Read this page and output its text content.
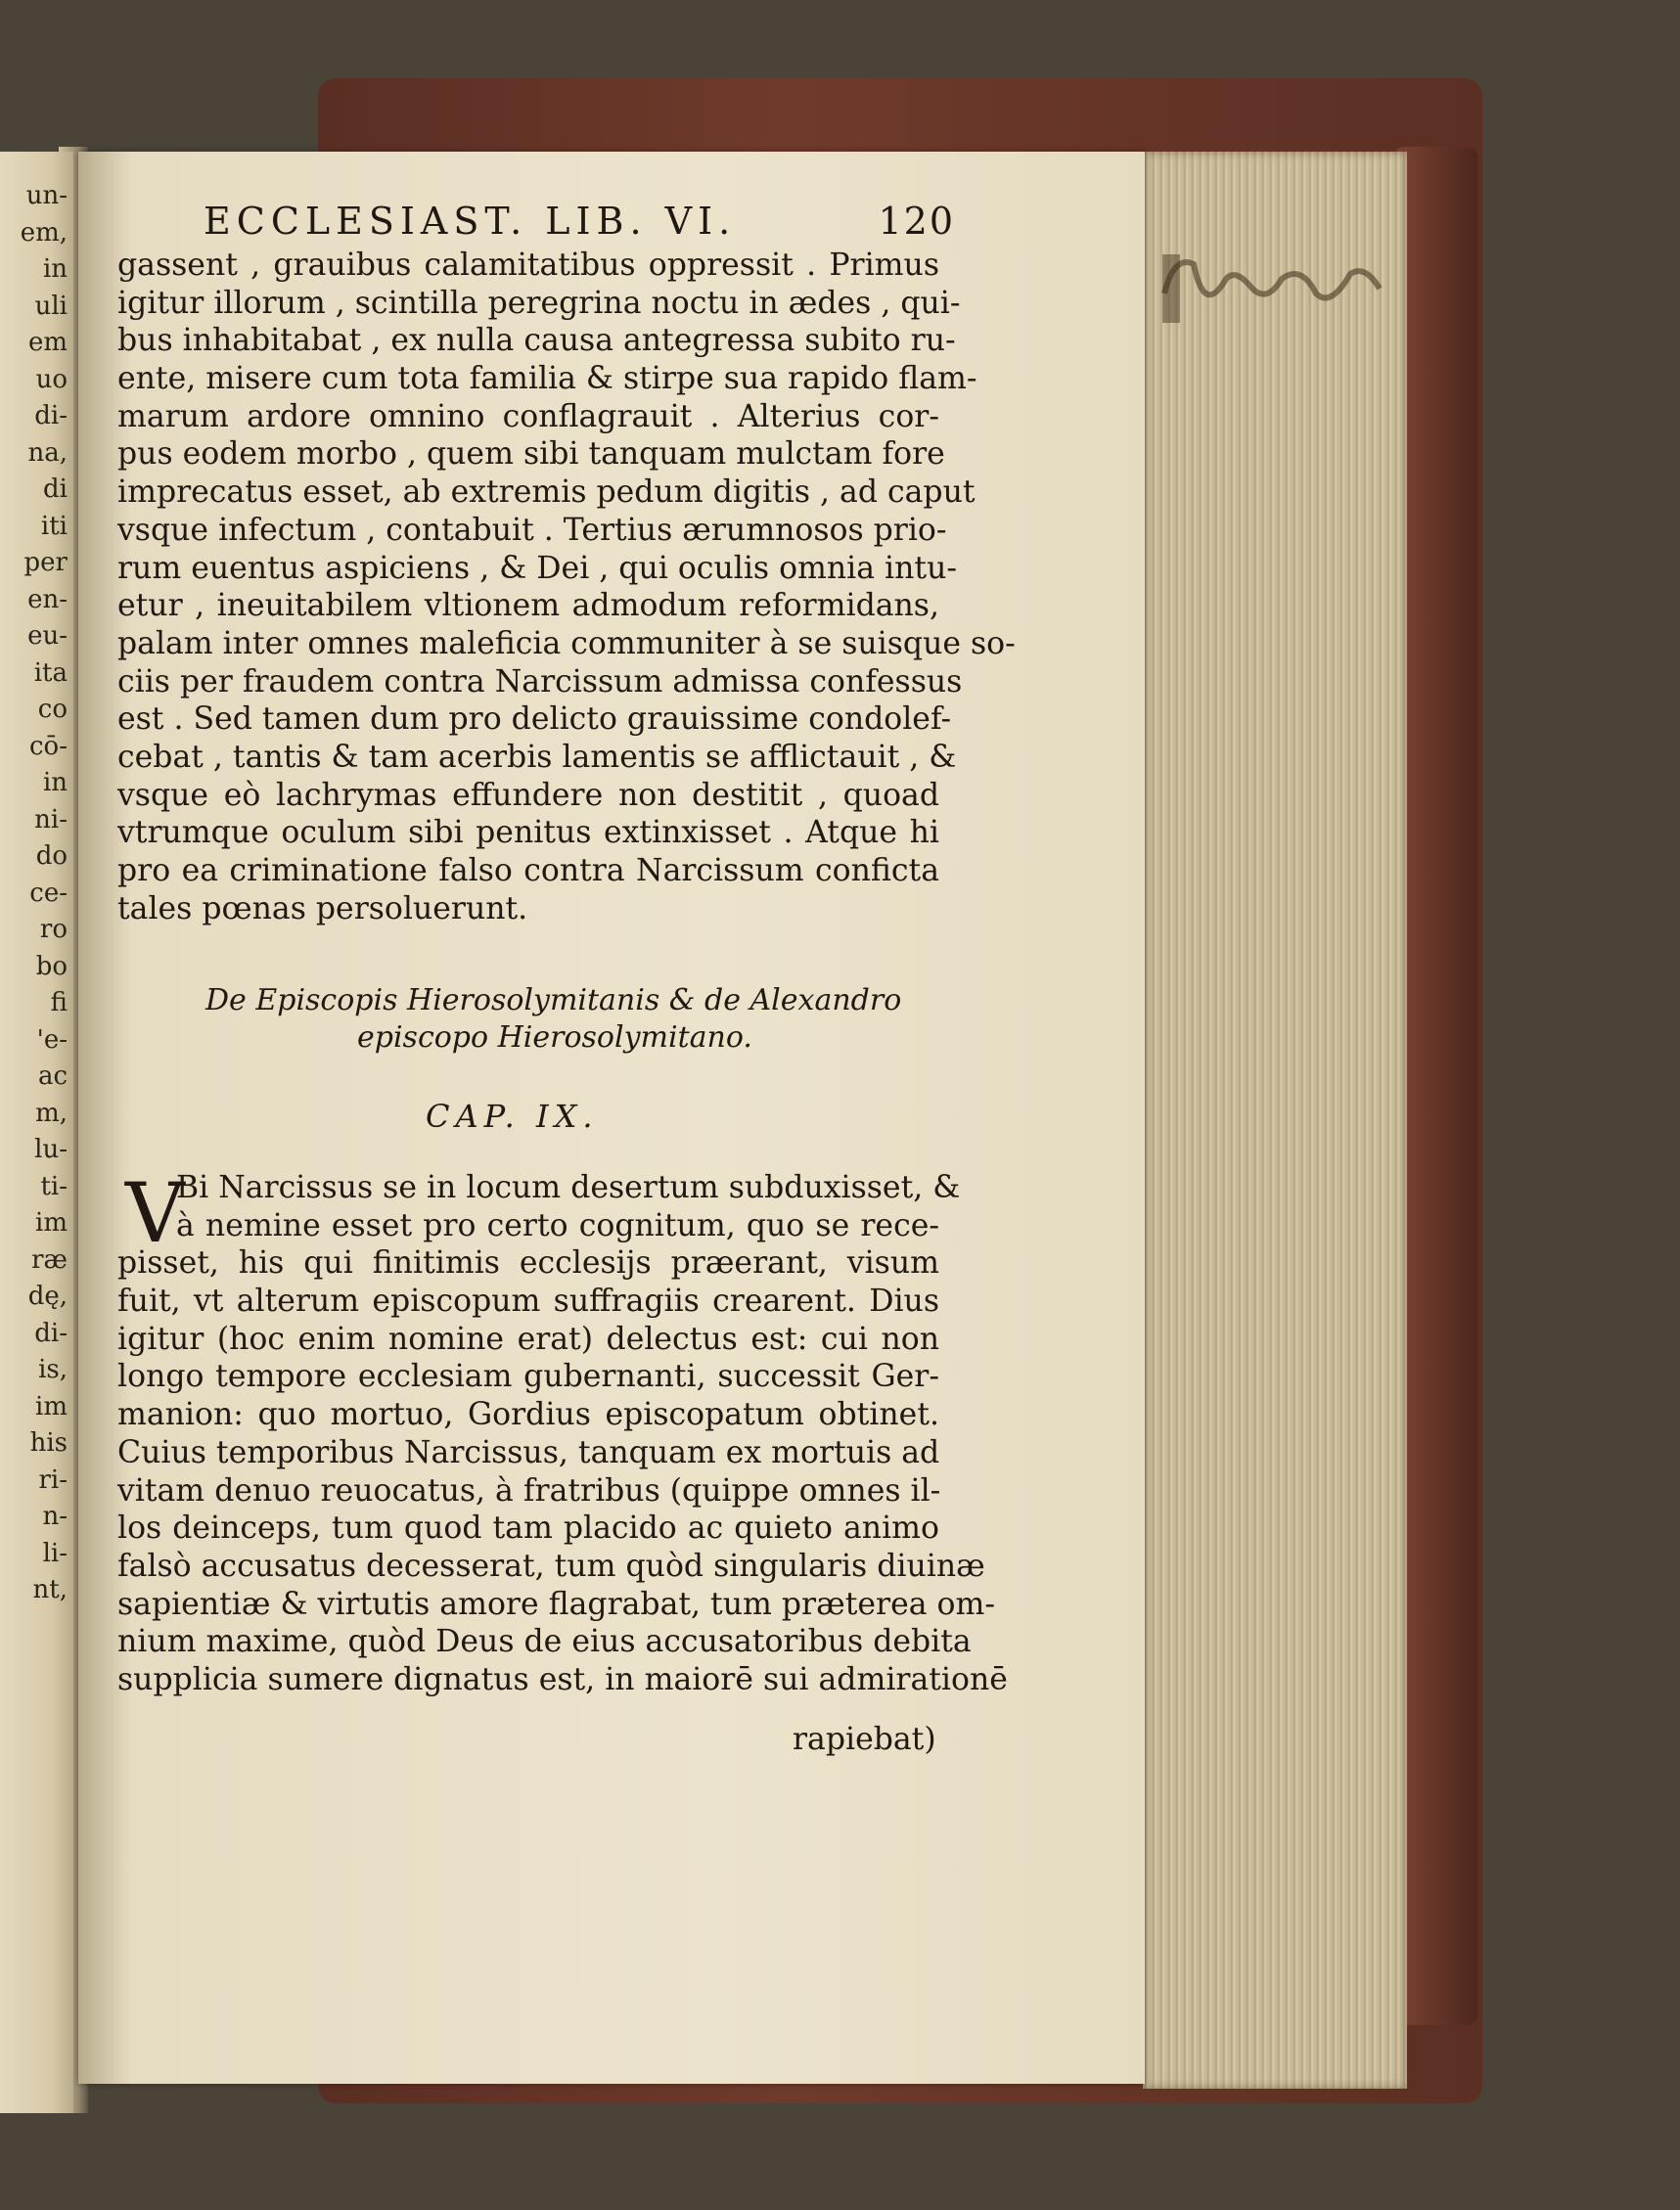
un-
em,
in
uli
em
uo
di-
na,
di
iti
per
en-
eu-
ita
co
cō-
in
ni-
do
ce-
ro
bo
fi
'e-
ac
m,
lu-
ti-
im
ræ
dę,
di-
is,
im
his
ri-
n-
li-
nt,
ECCLESIAST. LIB. VI.	120
gassent , grauibus calamitatibus oppressit . Primus
igitur illorum , scintilla peregrina noctu in ædes , qui-
bus inhabitabat , ex nulla causa antegressa subito ru-
ente, misere cum tota familia & stirpe sua rapido flam-
marum ardore omnino conflagrauit . Alterius cor-
pus eodem morbo , quem sibi tanquam mulctam fore
imprecatus esset, ab extremis pedum digitis , ad caput
vsque infectum , contabuit . Tertius ærumnosos prio-
rum euentus aspiciens , & Dei , qui oculis omnia intu-
etur , ineuitabilem vltionem admodum reformidans,
palam inter omnes maleficia communiter à se suisque so-
ciis per fraudem contra Narcissum admissa confessus
est . Sed tamen dum pro delicto grauissime condolef-
cebat , tantis & tam acerbis lamentis se afflictauit , &
vsque eò lachrymas effundere non destitit , quoad
vtrumque oculum sibi penitus extinxisset . Atque hi
pro ea criminatione falso contra Narcissum conficta
tales pœnas persoluerunt.
De Episcopis Hierosolymitanis & de Alexandro
episcopo Hierosolymitano.
CAP. IX.
V
Bi Narcissus se in locum desertum subduxisset, &
à nemine esset pro certo cognitum, quo se rece-
pisset, his qui finitimis ecclesijs præerant, visum
fuit, vt alterum episcopum suffragiis crearent. Dius
igitur (hoc enim nomine erat) delectus est: cui non
longo tempore ecclesiam gubernanti, successit Ger-
manion: quo mortuo, Gordius episcopatum obtinet.
Cuius temporibus Narcissus, tanquam ex mortuis ad
vitam denuo reuocatus, à fratribus (quippe omnes il-
los deinceps, tum quod tam placido ac quieto animo
falsò accusatus decesserat, tum quòd singularis diuinæ
sapientiæ & virtutis amore flagrabat, tum præterea om-
nium maxime, quòd Deus de eius accusatoribus debita
supplicia sumere dignatus est, in maiorē sui admirationē
rapiebat)
